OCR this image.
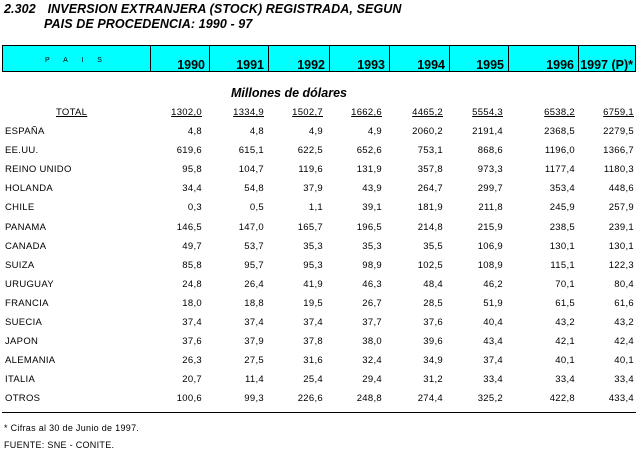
2.302 INVERSION EXTRANJERA (STOCK) REGISTRADA, SEGUN
PAIS DE PROCEDENCIA: 1990 - 97
P A I S	1990 1991	1992	1993	1994 1995	1996 1997 (P)*
Millones de dólares
TOTAL	1302,0	1334,9	1502,7	1662,6	4465,2	5554,3	6538,2	6759,1
ESPAÑA	4,8	4,8	4,9	4,9	2060,2	2191,4	2368,5	2279,5
EE.UU.	619,6	615,1	622,5	652,6	753,1	868,6	1196,0	1366,7
REINO UNIDO	95,8	104,7	119,6	131,9	357,8	973,3	1177,4	1180,3
HOLANDA	34,4	54,8	37,9	43,9	264,7	299,7	353,4	448,6
CHILE	0,3	0,5	1,1	39,1	181,9	211,8	245,9	257,9
PANAMA	146,5	147,0	165,7	196,5	214,8	215,9	238,5	239,1
CANADA	49,7	53,7	35,3	35,3	35,5	106,9	130,1	130,1
SUIZA	85,8	95,7	95,3	98,9	102,5	108,9	115,1	122,3
URUGUAY	24,8	26,4	41,9	46,3	48,4	46,2	70,1	80,4
FRANCIA	18,0	18,8	19,5	26,7	28,5	51,9	61,5	61,6
SUECIA	37,4	37,4	37,4	37,7	37,6	40,4	43,2	43,2
JAPON	37,6	37,9	37,8	38,0	39,6	43,4	42,1	42,4
ALEMANIA	26,3	27,5	31,6	32,4	34,9	37,4	40,1	40,1
ITALIA	20,7	11,4	25,4	29,4	31,2	33,4	33,4	33,4
OTROS	100,6	99,3	226,6	248,8	274,4	325,2	422,8	433,4
* Cifras al 30 de Junio de 1997.
FUENTE: SNE - CONITE.
